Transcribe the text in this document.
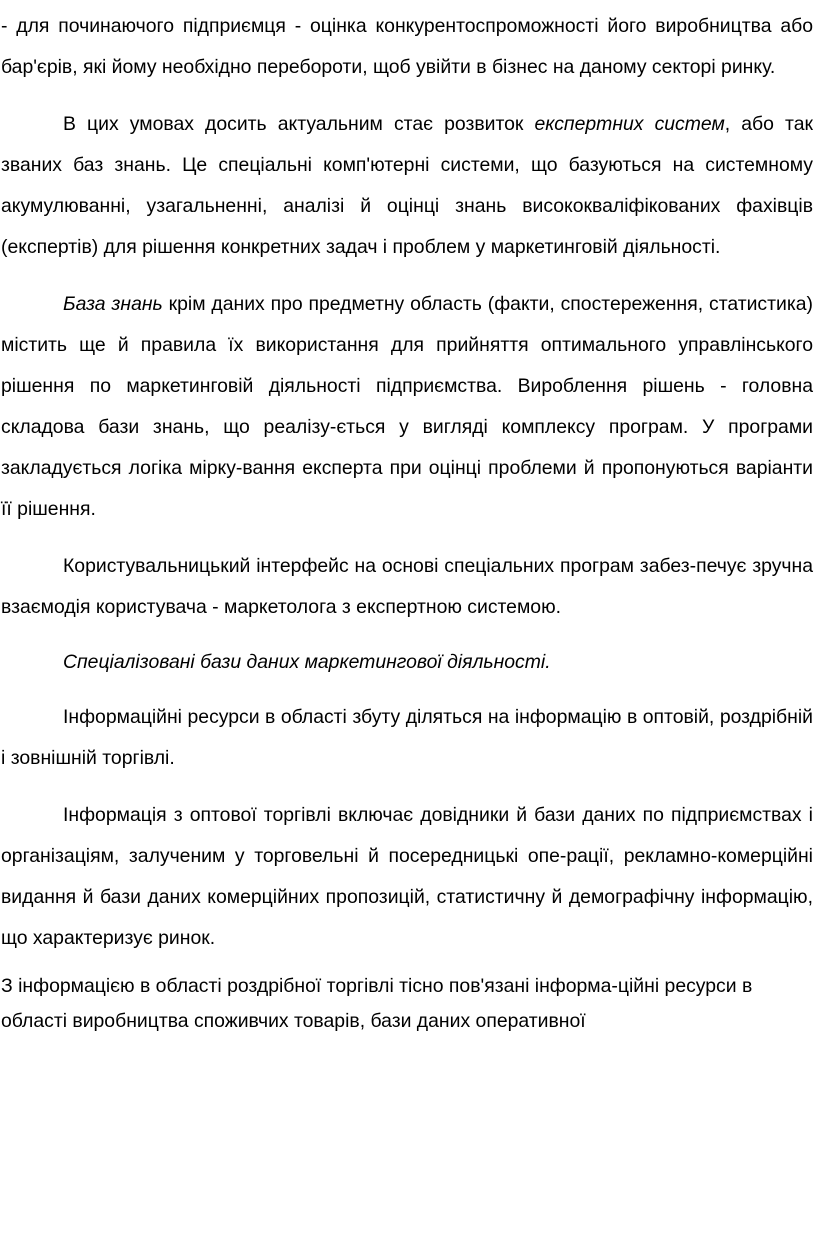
- для починаючого підприємця - оцінка конкурентоспроможності його виробництва або бар'єрів, які йому необхідно перебороти, щоб увійти в бізнес на даному секторі ринку.

В цих умовах досить актуальним стає розвиток експертних систем, або так званих баз знань. Це спеціальні комп'ютерні системи, що базуються на системному акумулюванні, узагальненні, аналізі й оцінці знань висококваліфікованих фахівців (експертів) для рішення конкретних задач і проблем у маркетинговій діяльності.

База знань крім даних про предметну область (факти, спостереження, статистика) містить ще й правила їх використання для прийняття оптимального управлінського рішення по маркетинговій діяльності підприємства. Вироблення рішень - головна складова бази знань, що реалізу-ється у вигляді комплексу програм. У програми закладується логіка мірку-вання експерта при оцінці проблеми й пропонуються варіанти її рішення.

Користувальницький інтерфейс на основі спеціальних програм забез-печує зручна взаємодія користувача - маркетолога з експертною системою.

Спеціалізовані бази даних маркетингової діяльності.

Інформаційні ресурси в області збуту діляться на інформацію в оптовій, роздрібній і зовнішній торгівлі.

Інформація з оптової торгівлі включає довідники й бази даних по підприємствах і організаціям, залученим у торговельні й посередницькі опе-рації, рекламно-комерційні видання й бази даних комерційних пропозицій, статистичну й демографічну інформацію, що характеризує ринок.

З інформацією в області роздрібної торгівлі тісно пов'язані інформа-ційні ресурси в області виробництва споживчих товарів, бази даних оперативної
